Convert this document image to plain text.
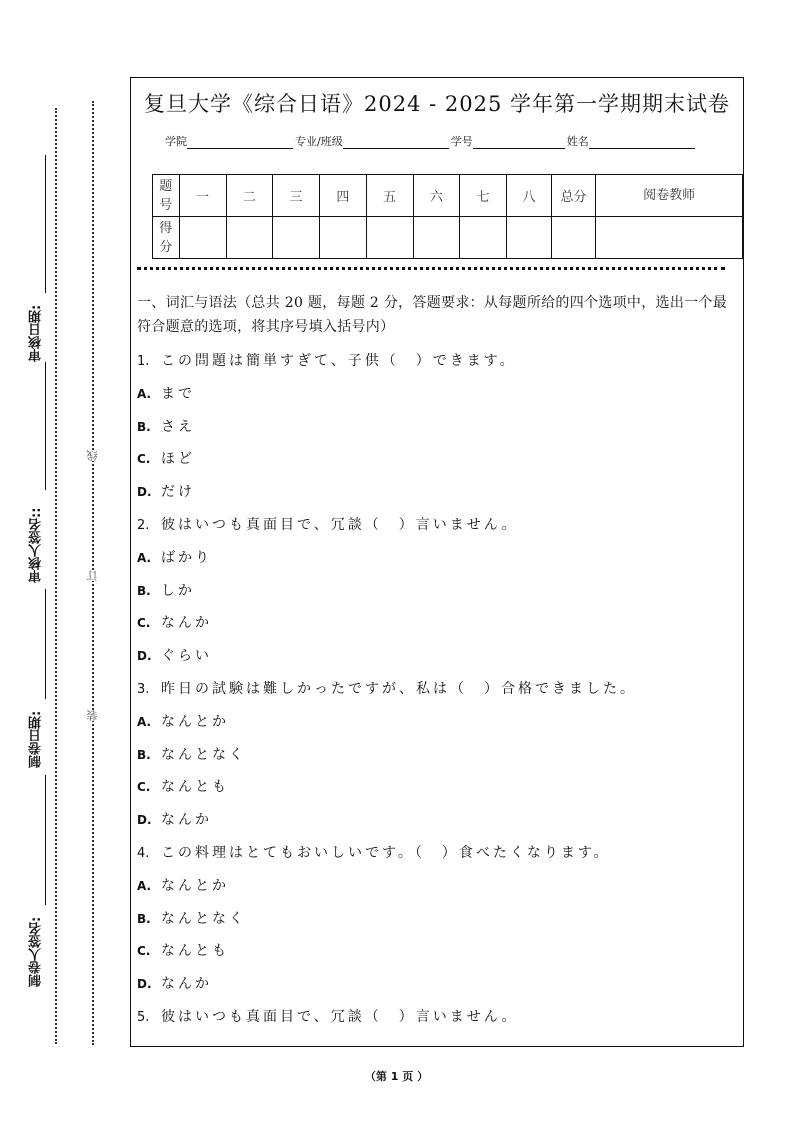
审核日期:
审核人签名::
制卷日期:
制卷人签名:
线
订
装
复旦大学《综合日语》2024 - 2025 学年第一学期期末试卷
学院	专业/班级	学号	姓名
题号	一	二	三	四	五	六	七	八	总分	阅卷教师
得分										
一、词汇与语法（总共 20 题，每题 2 分，答题要求：从每题所给的四个选项中，选出一个最符合题意的选项，将其序号填入括号内）
1. この問題は簡単すぎて、子供（　）できます。
A. まで
B. さえ
C. ほど
D. だけ
2. 彼はいつも真面目で、冗談（　）言いません。
A. ばかり
B. しか
C. なんか
D. ぐらい
3. 昨日の試験は難しかったですが、私は（　）合格できました。
A. なんとか
B. なんとなく
C. なんとも
D. なんか
4. この料理はとてもおいしいです。（　）食べたくなります。
A. なんとか
B. なんとなく
C. なんとも
D. なんか
5. 彼はいつも真面目で、冗談（　）言いません。
（第 1 页 ）
